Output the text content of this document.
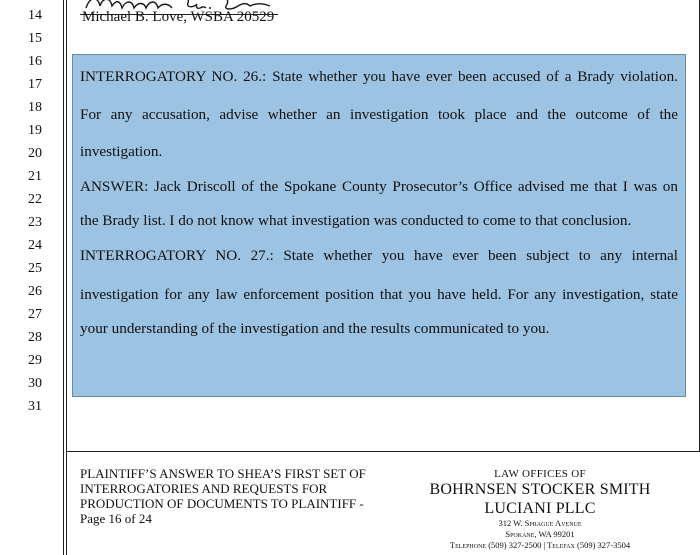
14
15
16
17
18
19
20
21
22
23
24
25
26
27
28
29
30
31
Michael B. Love, WSBA 20529
INTERROGATORY NO. 26.: State whether you have ever been accused of a Brady violation.
For any accusation, advise whether an investigation took place and the outcome of the
investigation.
ANSWER: Jack Driscoll of the Spokane County Prosecutor’s Office advised me that I was on
the Brady list. I do not know what investigation was conducted to come to that conclusion.
INTERROGATORY NO. 27.: State whether you have ever been subject to any internal
investigation for any law enforcement position that you have held. For any investigation, state
your understanding of the investigation and the results communicated to you.
PLAINTIFF’S ANSWER TO SHEA’S FIRST SET OF
INTERROGATORIES AND REQUESTS FOR
PRODUCTION OF DOCUMENTS TO PLAINTIFF -
Page 16 of 24
LAW OFFICES OF
BOHRNSEN STOCKER SMITH
LUCIANI PLLC
312 W. Sprague Avenue
Spokane, WA 99201
Telephone (509) 327-2500 | Telefax (509) 327-3504
